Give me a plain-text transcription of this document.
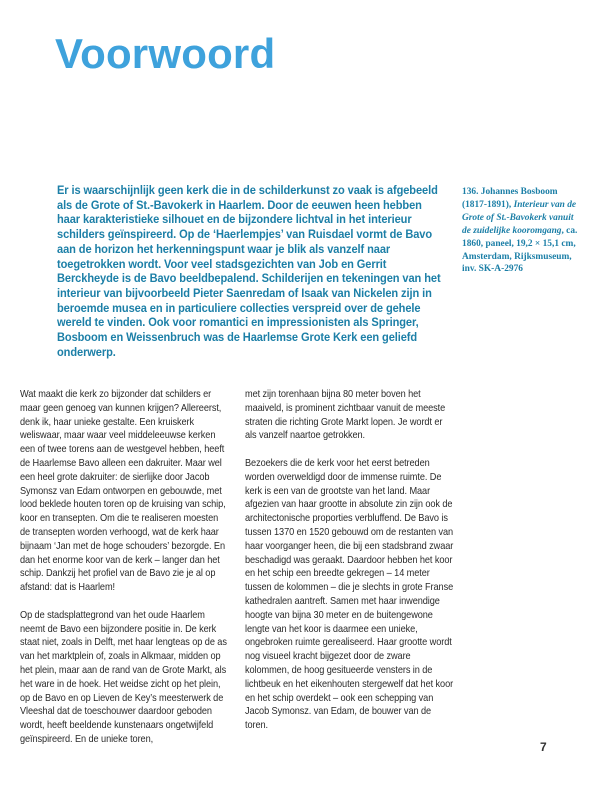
Voorwoord
Er is waarschijnlijk geen kerk die in de schilderkunst zo vaak is afgebeeld als de Grote of St.-Bavokerk in Haarlem. Door de eeuwen heen hebben haar karakteristieke silhouet en de bijzondere lichtval in het interieur schilders geïnspireerd. Op de ‘Haerlempjes’ van Ruisdael vormt de Bavo aan de horizon het herkenningspunt waar je blik als vanzelf naar toegetrokken wordt. Voor veel stadsgezichten van Job en Gerrit Berckheyde is de Bavo beeldbepalend. Schilderijen en tekeningen van het interieur van bijvoorbeeld Pieter Saenredam of Isaak van Nickelen zijn in beroemde musea en in particuliere collecties verspreid over de gehele wereld te vinden. Ook voor romantici en impressionisten als Springer, Bosboom en Weissenbruch was de Haarlemse Grote Kerk een geliefd onderwerp.
136. Johannes Bosboom (1817-1891), Interieur van de Grote of St.-Bavokerk vanuit de zuidelijke kooromgang, ca. 1860, paneel, 19,2 × 15,1 cm, Amsterdam, Rijksmuseum, inv. SK-A-2976

Wat maakt die kerk zo bijzonder dat schilders er maar geen genoeg van kunnen krijgen? Allereerst, denk ik, haar unieke gestalte. Een kruiskerk weliswaar, maar waar veel middeleeuwse kerken een of twee torens aan de westgevel hebben, heeft de Haarlemse Bavo alleen een dakruiter. Maar wel een heel grote dakruiter: de sierlijke door Jacob Symonsz van Edam ontworpen en gebouwde, met lood beklede houten toren op de kruising van schip, koor en transepten. Om die te realiseren moesten de transepten worden verhoogd, wat de kerk haar bijnaam ‘Jan met de hoge schouders’ bezorgde. En dan het enorme koor van de kerk – langer dan het schip. Dankzij het profiel van de Bavo zie je al op afstand: dat is Haarlem!

Op de stadsplattegrond van het oude Haarlem neemt de Bavo een bijzondere positie in. De kerk staat niet, zoals in Delft, met haar lengteas op de as van het marktplein of, zoals in Alkmaar, midden op het plein, maar aan de rand van de Grote Markt, als het ware in de hoek. Het weidse zicht op het plein, op de Bavo en op Lieven de Key’s meesterwerk de Vleeshal dat de toeschouwer daardoor geboden wordt, heeft beeldende kunstenaars ongetwijfeld geïnspireerd. En de unieke toren,

met zijn torenhaan bijna 80 meter boven het maaiveld, is prominent zichtbaar vanuit de meeste straten die richting Grote Markt lopen. Je wordt er als vanzelf naartoe getrokken.

Bezoekers die de kerk voor het eerst betreden worden overweldigd door de immense ruimte. De kerk is een van de grootste van het land. Maar afgezien van haar grootte in absolute zin zijn ook de architectonische proporties verbluffend. De Bavo is tussen 1370 en 1520 gebouwd om de restanten van haar voorganger heen, die bij een stadsbrand zwaar beschadigd was geraakt. Daardoor hebben het koor en het schip een breedte gekregen – 14 meter tussen de kolommen – die je slechts in grote Franse kathedralen aantreft. Samen met haar inwendige hoogte van bijna 30 meter en de buitengewone lengte van het koor is daarmee een unieke, ongebroken ruimte gerealiseerd. Haar grootte wordt nog visueel kracht bijgezet door de zware kolommen, de hoog gesitueerde vensters in de lichtbeuk en het eikenhouten stergewelf dat het koor en het schip overdekt – ook een schepping van Jacob Symonsz. van Edam, de bouwer van de toren.

7
